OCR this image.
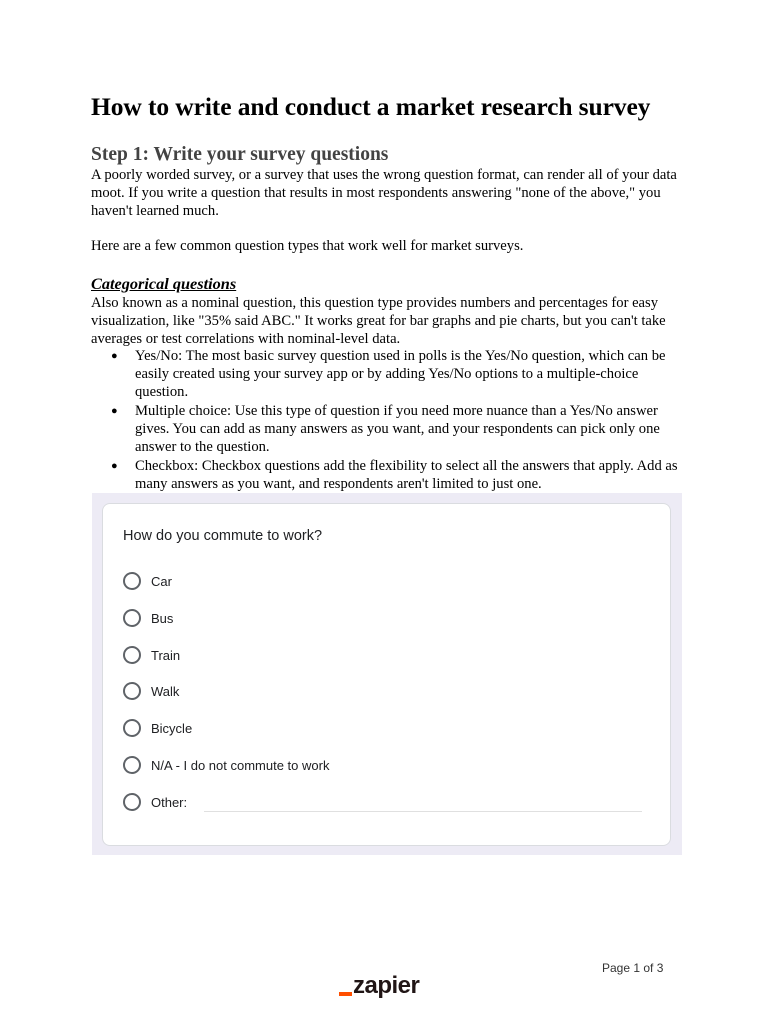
How to write and conduct a market research survey
Step 1: Write your survey questions

A poorly worded survey, or a survey that uses the wrong question format, can render all of your data moot. If you write a question that results in most respondents answering "none of the above," you haven't learned much.

Here are a few common question types that work well for market surveys.

Categorical questions

Also known as a nominal question, this question type provides numbers and percentages for easy visualization, like "35% said ABC." It works great for bar graphs and pie charts, but you can't take averages or test correlations with nominal-level data.

● Yes/No: The most basic survey question used in polls is the Yes/No question, which can be easily created using your survey app or by adding Yes/No options to a multiple-choice question.
● Multiple choice: Use this type of question if you need more nuance than a Yes/No answer gives. You can add as many answers as you want, and your respondents can pick only one answer to the question.
● Checkbox: Checkbox questions add the flexibility to select all the answers that apply. Add as many answers as you want, and respondents aren't limited to just one.
How do you commute to work?
Car
Bus
Train
Walk
Bicycle
N/A - I do not commute to work
Other:
Page 1 of 3
zapier
